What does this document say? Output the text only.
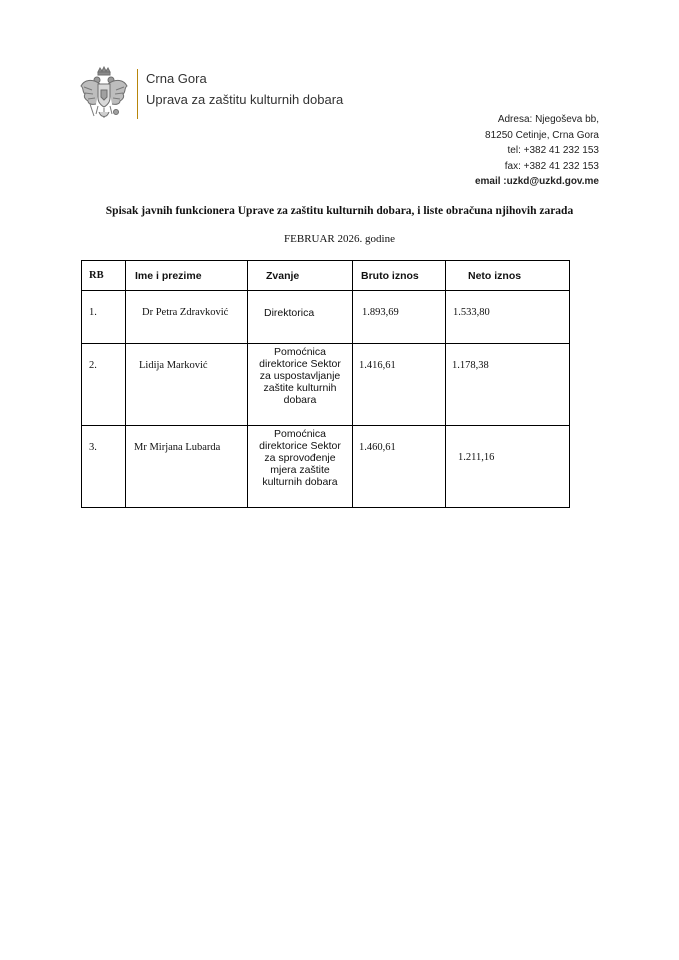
Crna Gora
Uprava za zaštitu kulturnih dobara
Adresa: Njegoševa bb,
81250 Cetinje, Crna Gora
tel: +382 41 232 153
fax: +382 41 232 153
email :uzkd@uzkd.gov.me
Spisak javnih funkcionera Uprave za zaštitu kulturnih dobara, i liste obračuna njihovih zarada
FEBRUAR 2026. godine
RB	Ime i prezime	Zvanje	Bruto iznos	Neto iznos

1.	Dr Petra Zdravković	Direktorica	1.893,69	1.533,80

2.	Lidija Marković	Pomoćnica direktorice Sektor za uspostavljanje zaštite kulturnih dobara	1.416,61	1.178,38

3.	Mr Mirjana Lubarda	Pomoćnica direktorice Sektor za sprovođenje mjera zaštite kulturnih dobara	1.460,61	1.211,16
